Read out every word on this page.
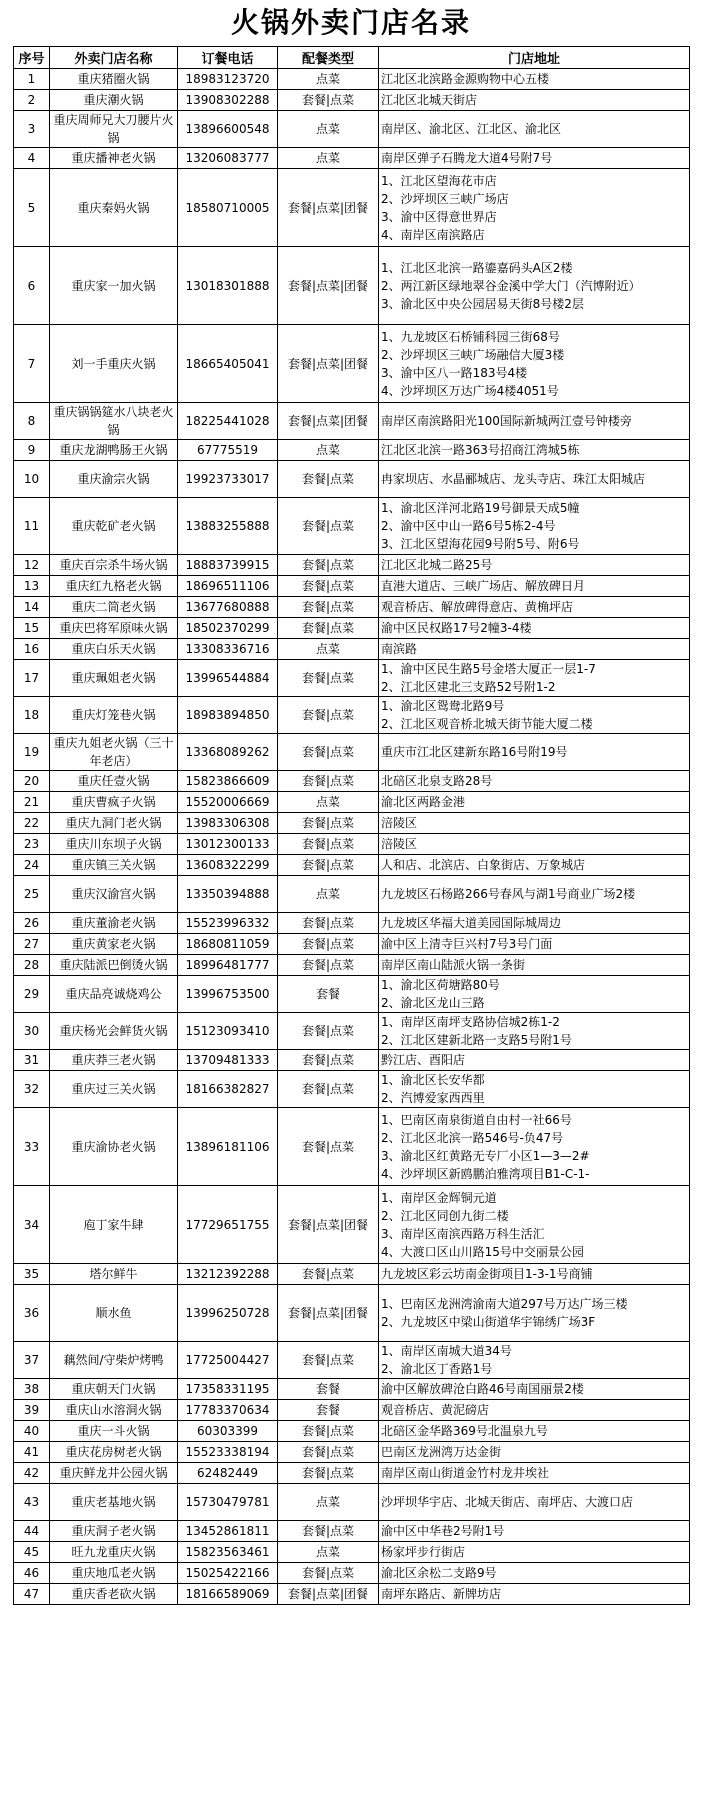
火锅外卖门店名录

序号	外卖门店名称	订餐电话	配餐类型	门店地址
1	重庆猪圈火锅	18983123720	点菜	江北区北滨路金源购物中心五楼
2	重庆潮火锅	13908302288	套餐|点菜	江北区北城天街店
3	重庆周师兄大刀腰片火锅	13896600548	点菜	南岸区、渝北区、江北区、渝北区
4	重庆播神老火锅	13206083777	点菜	南岸区弹子石腾龙大道4号附7号
5	重庆秦妈火锅	18580710005	套餐|点菜|团餐	1、江北区望海花市店
2、沙坪坝区三峡广场店
3、渝中区得意世界店
4、南岸区南滨路店
6	重庆家一加火锅	13018301888	套餐|点菜|团餐	1、江北区北滨一路鎏嘉码头A区2楼
2、两江新区绿地翠谷金溪中学大门（汽博附近）
3、渝北区中央公园居易天街8号楼2层
7	刘一手重庆火锅	18665405041	套餐|点菜|团餐	1、九龙坡区石桥铺科园三街68号
2、沙坪坝区三峡广场融信大厦3楼
3、渝中区八一路183号4楼
4、沙坪坝区万达广场4楼4051号
8	重庆锅锅筵水八块老火锅	18225441028	套餐|点菜|团餐	南岸区南滨路阳光100国际新城两江壹号钟楼旁
9	重庆龙湖鸭肠王火锅	67775519	点菜	江北区北滨一路363号招商江湾城5栋
10	重庆渝宗火锅	19923733017	套餐|点菜	冉家坝店、水晶郦城店、龙头寺店、珠江太阳城店
11	重庆乾矿老火锅	13883255888	套餐|点菜	1、渝北区洋河北路19号御景天成5幢
2、渝中区中山一路6号5栋2-4号
3、江北区望海花园9号附5号、附6号
12	重庆百宗杀牛场火锅	18883739915	套餐|点菜	江北区北城二路25号
13	重庆红九格老火锅	18696511106	套餐|点菜	直港大道店、三峡广场店、解放碑日月
14	重庆二筒老火锅	13677680888	套餐|点菜	观音桥店、解放碑得意店、黄桷坪店
15	重庆巴将军原味火锅	18502370299	套餐|点菜	渝中区民权路17号2幢3-4楼
16	重庆白乐天火锅	13308336716	点菜	南滨路
17	重庆珮姐老火锅	13996544884	套餐|点菜	1、渝中区民生路5号金塔大厦正一层1-7
2、江北区建北三支路52号附1-2
18	重庆灯笼巷火锅	18983894850	套餐|点菜	1、渝北区鸳鸯北路9号
2、江北区观音桥北城天街节能大厦二楼
19	重庆九姐老火锅（三十年老店）	13368089262	套餐|点菜	重庆市江北区建新东路16号附19号
20	重庆任壹火锅	15823866609	套餐|点菜	北碚区北泉支路28号
21	重庆曹疯子火锅	15520006669	点菜	渝北区两路金港
22	重庆九洞门老火锅	13983306308	套餐|点菜	涪陵区
23	重庆川东坝子火锅	13012300133	套餐|点菜	涪陵区
24	重庆镇三关火锅	13608322299	套餐|点菜	人和店、北滨店、白象街店、万象城店
25	重庆汉渝宫火锅	13350394888	点菜	九龙坡区石杨路266号春风与湖1号商业广场2楼
26	重庆董渝老火锅	15523996332	套餐|点菜	九龙坡区华福大道美园国际城周边
27	重庆黄家老火锅	18680811059	套餐|点菜	渝中区上清寺巨兴村7号3号门面
28	重庆陆派巴倒烫火锅	18996481777	套餐|点菜	南岸区南山陆派火锅一条街
29	重庆品亮诚烧鸡公	13996753500	套餐	1、渝北区荷塘路80号
2、渝北区龙山三路
30	重庆杨光会鲜货火锅	15123093410	套餐|点菜	1、南岸区南坪支路协信城2栋1-2
2、江北区建新北路一支路5号附1号
31	重庆莽三老火锅	13709481333	套餐|点菜	黔江店、酉阳店
32	重庆过三关火锅	18166382827	套餐|点菜	1、渝北区长安华都
2、汽博爱家西西里
33	重庆渝协老火锅	13896181106	套餐|点菜	1、巴南区南泉街道自由村一社66号
2、江北区北滨一路546号-负47号
3、渝北区红黄路无专厂小区1—3—2#
4、沙坪坝区新鸥鹏泊雅湾项目B1-C-1-
34	庖丁家牛肆	17729651755	套餐|点菜|团餐	1、南岸区金辉铜元道
2、江北区同创九街二楼
3、南岸区南滨西路万科生活汇
4、大渡口区山川路15号中交丽景公园
35	塔尔鲜牛	13212392288	套餐|点菜	九龙坡区彩云坊南金街项目1-3-1号商铺
36	顺水鱼	13996250728	套餐|点菜|团餐	1、巴南区龙洲湾渝南大道297号万达广场三楼
2、九龙坡区中梁山街道华宇锦绣广场3F
37	藕然间/守柴炉烤鸭	17725004427	套餐|点菜	1、南岸区南城大道34号
2、渝北区丁香路1号
38	重庆朝天门火锅	17358331195	套餐	渝中区解放碑沧白路46号南国丽景2楼
39	重庆山水溶洞火锅	17783370634	套餐	观音桥店、黄泥磅店
40	重庆一斗火锅	60303399	套餐|点菜	北碚区金华路369号北温泉九号
41	重庆花房树老火锅	15523338194	套餐|点菜	巴南区龙洲湾万达金街
42	重庆鲜龙井公园火锅	62482449	套餐|点菜	南岸区南山街道金竹村龙井埃社
43	重庆老基地火锅	15730479781	点菜	沙坪坝华宇店、北城天街店、南坪店、大渡口店
44	重庆洞子老火锅	13452861811	套餐|点菜	渝中区中华巷2号附1号
45	旺九龙重庆火锅	15823563461	点菜	杨家坪步行街店
46	重庆地瓜老火锅	15025422166	套餐|点菜	渝北区余松二支路9号
47	重庆香老砍火锅	18166589069	套餐|点菜|团餐	南坪东路店、新牌坊店
